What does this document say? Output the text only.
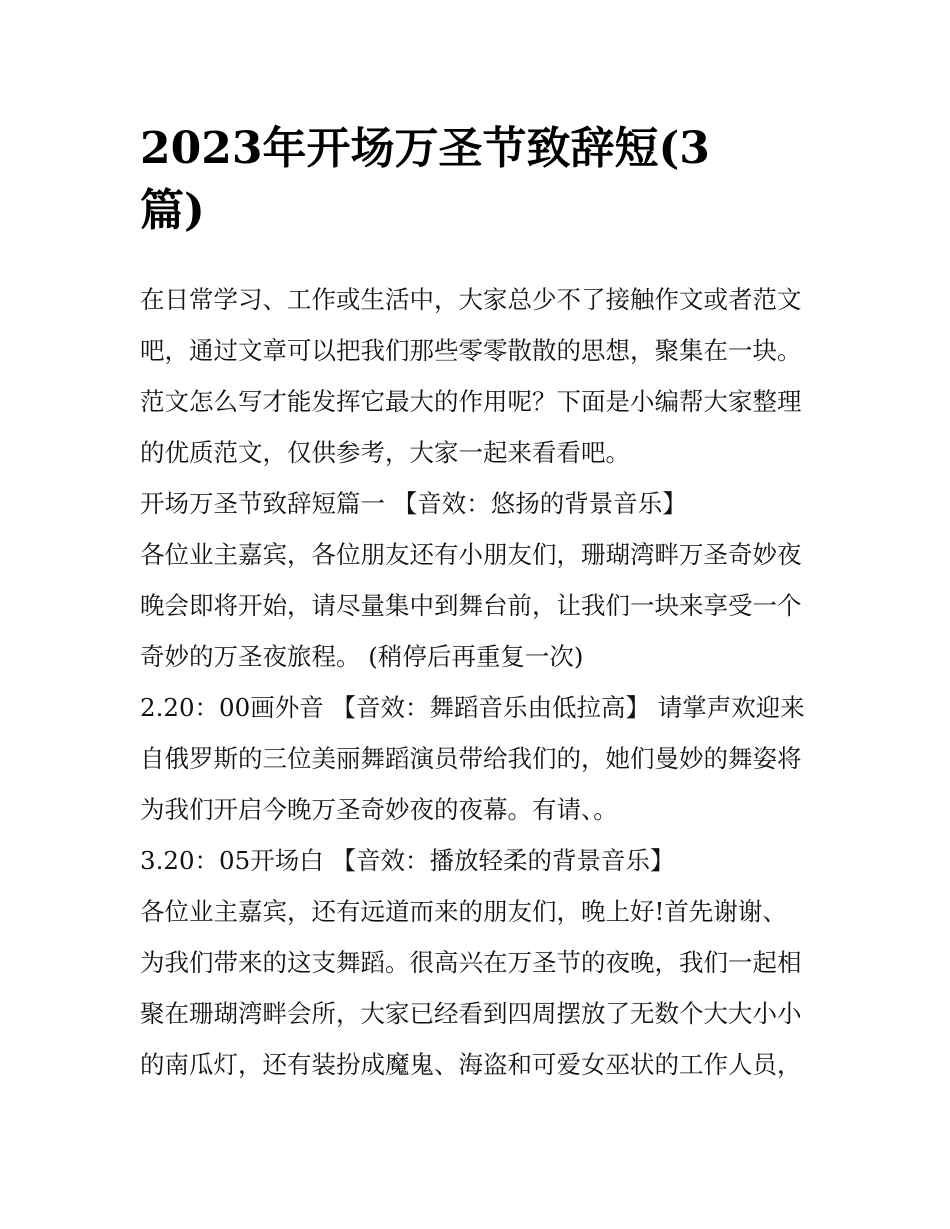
2023年开场万圣节致辞短(3
篇)
在日常学习、工作或生活中，大家总少不了接触作文或者范文
吧，通过文章可以把我们那些零零散散的思想，聚集在一块。
范文怎么写才能发挥它最大的作用呢？下面是小编帮大家整理
的优质范文，仅供参考，大家一起来看看吧。
开场万圣节致辞短篇一 【音效：悠扬的背景音乐】
各位业主嘉宾，各位朋友还有小朋友们，珊瑚湾畔万圣奇妙夜
晚会即将开始，请尽量集中到舞台前，让我们一块来享受一个
奇妙的万圣夜旅程。 (稍停后再重复一次)
2.20：00画外音 【音效：舞蹈音乐由低拉高】 请掌声欢迎来
自俄罗斯的三位美丽舞蹈演员带给我们的，她们曼妙的舞姿将
为我们开启今晚万圣奇妙夜的夜幕。有请、。
3.20：05开场白 【音效：播放轻柔的背景音乐】
各位业主嘉宾，还有远道而来的朋友们，晚上好!首先谢谢、
为我们带来的这支舞蹈。很高兴在万圣节的夜晚，我们一起相
聚在珊瑚湾畔会所，大家已经看到四周摆放了无数个大大小小
的南瓜灯，还有装扮成魔鬼、海盗和可爱女巫状的工作人员，
